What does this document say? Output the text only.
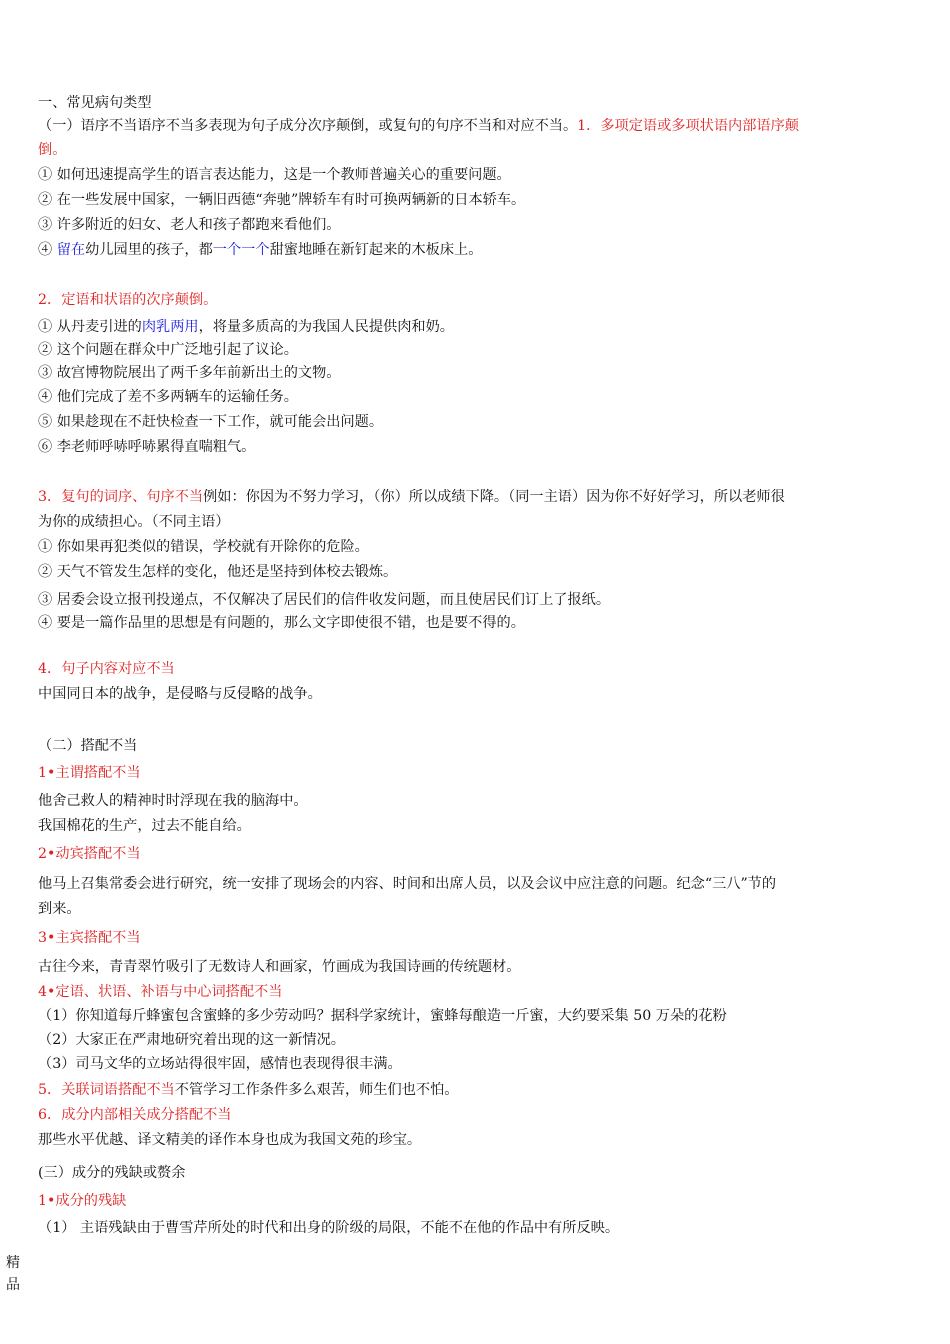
一、常见病句类型
（一）语序不当语序不当多表现为句子成分次序颠倒，或复句的句序不当和对应不当。1．多项定语或多项状语内部语序颠
倒。
① 如何迅速提高学生的语言表达能力，这是一个教师普遍关心的重要问题。
② 在一些发展中国家，一辆旧西德“奔驰”牌轿车有时可换两辆新的日本轿车。
③ 许多附近的妇女、老人和孩子都跑来看他们。
④ 留在幼儿园里的孩子，都一个一个甜蜜地睡在新钉起来的木板床上。
2．定语和状语的次序颠倒。
① 从丹麦引进的肉乳两用，将量多质高的为我国人民提供肉和奶。
② 这个问题在群众中广泛地引起了议论。
③ 故宫博物院展出了两千多年前新出土的文物。
④ 他们完成了差不多两辆车的运输任务。
⑤ 如果趁现在不赶快检查一下工作，就可能会出问题。
⑥ 李老师呼哧呼哧累得直喘粗气。
3．复句的词序、句序不当例如：你因为不努力学习，（你）所以成绩下降。（同一主语）因为你不好好学习，所以老师很
为你的成绩担心。（不同主语）
① 你如果再犯类似的错误，学校就有开除你的危险。
② 天气不管发生怎样的变化，他还是坚持到体校去锻炼。
③ 居委会设立报刊投递点，不仅解决了居民们的信件收发问题，而且使居民们订上了报纸。
④ 要是一篇作品里的思想是有问题的，那么文字即使很不错，也是要不得的。
4．句子内容对应不当
中国同日本的战争，是侵略与反侵略的战争。
（二）搭配不当
1•主谓搭配不当
他舍己救人的精神时时浮现在我的脑海中。
我国棉花的生产，过去不能自给。
2•动宾搭配不当
他马上召集常委会进行研究，统一安排了现场会的内容、时间和出席人员，以及会议中应注意的问题。纪念“三八”节的
到来。
3•主宾搭配不当
古往今来，青青翠竹吸引了无数诗人和画家，竹画成为我国诗画的传统题材。
4•定语、状语、补语与中心词搭配不当
（1）你知道每斤蜂蜜包含蜜蜂的多少劳动吗？据科学家统计，蜜蜂每酿造一斤蜜，大约要采集 50 万朵的花粉
（2）大家正在严肃地研究着出现的这一新情况。
（3）司马文华的立场站得很牢固，感情也表现得很丰满。
5．关联词语搭配不当不管学习工作条件多么艰苦，师生们也不怕。
6．成分内部相关成分搭配不当
那些水平优越、译文精美的译作本身也成为我国文苑的珍宝。
(三）成分的残缺或赘余
1•成分的残缺
（1） 主语残缺由于曹雪芹所处的时代和出身的阶级的局限，不能不在他的作品中有所反映。
精
品
